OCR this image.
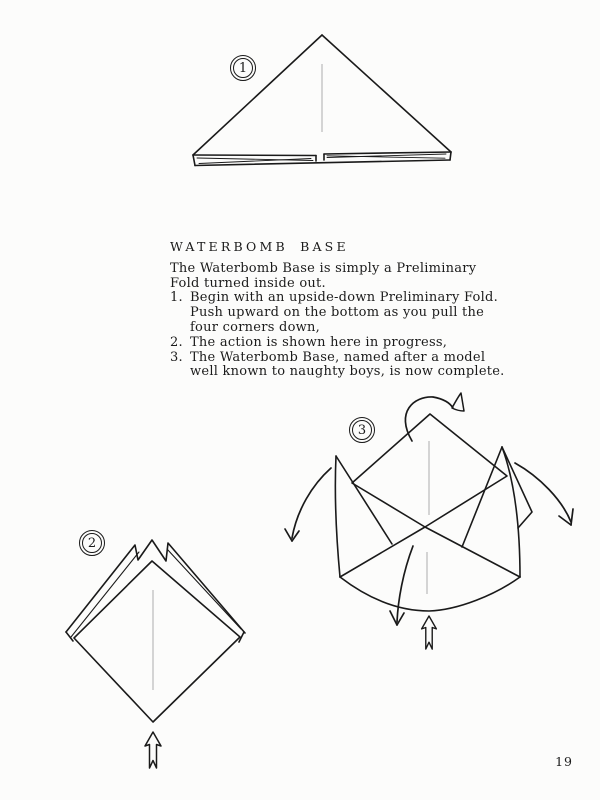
1
2
3
WATERBOMB BASE
The Waterbomb Base is simply a Preliminary
Fold turned inside out.
1. Begin with an upside-down Preliminary Fold.
Push upward on the bottom as you pull the
four corners down,
2. The action is shown here in progress,
3. The Waterbomb Base, named after a model
well known to naughty boys, is now complete.
19
